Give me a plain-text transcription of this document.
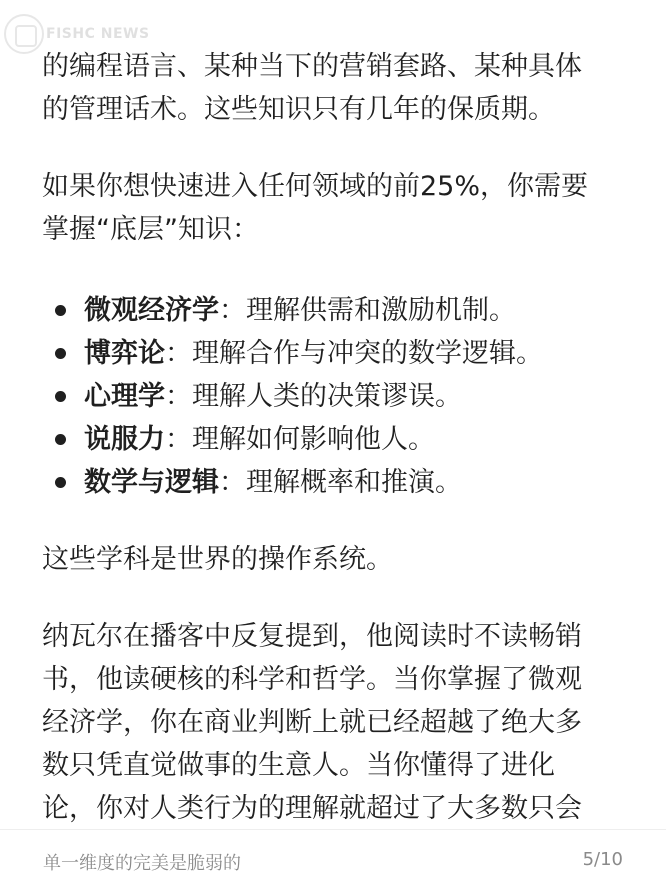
FISHC NEWS

的编程语言、某种当下的营销套路、某种具体
的管理话术。这些知识只有几年的保质期。

如果你想快速进入任何领域的前25%，你需要
掌握“底层”知识：

微观经济学：理解供需和激励机制。
博弈论：理解合作与冲突的数学逻辑。
心理学：理解人类的决策谬误。
说服力：理解如何影响他人。
数学与逻辑：理解概率和推演。

这些学科是世界的操作系统。

纳瓦尔在播客中反复提到，他阅读时不读畅销
书，他读硬核的科学和哲学。当你掌握了微观
经济学，你在商业判断上就已经超越了绝大多
数只凭直觉做事的生意人。当你懂得了进化
论，你对人类行为的理解就超过了大多数只会

单一维度的完美是脆弱的	5/10
